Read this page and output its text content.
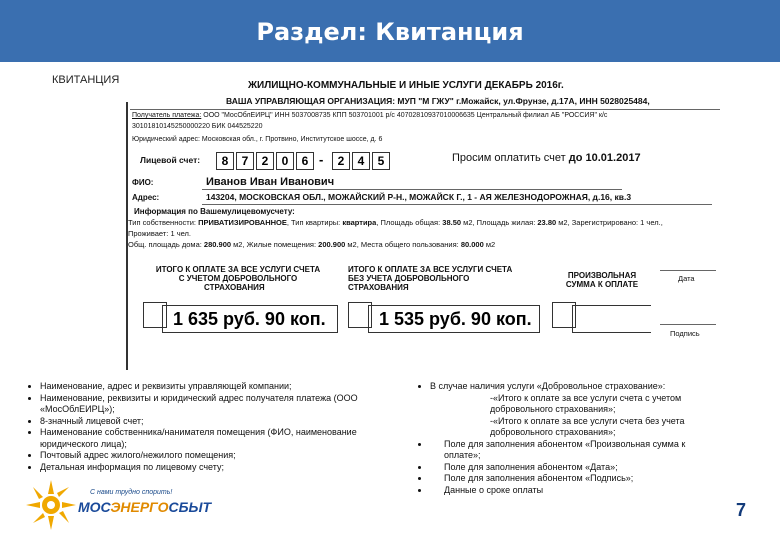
Раздел: Квитанция
КВИТАНЦИЯ	ЖИЛИЩНО-КОММУНАЛЬНЫЕ И ИНЫЕ УСЛУГИ ДЕКАБРЬ 2016г.
ВАША УПРАВЛЯЮЩАЯ ОРГАНИЗАЦИЯ: МУП "М ГЖУ" г.Можайск, ул.Фрунзе, д.17А, ИНН 5028025484,
Получатель платежа: ООО "МосОблЕИРЦ" ИНН 5037008735 КПП 503701001 р/с 40702810937010006635 Центральный филиал АБ "РОССИЯ" к/с
30101810145250000220 БИК 044525220
Юридический адрес: Московская обл., г. Протвино, Институтское шоссе, д. 6
Лицевой счет:	8	7	2	0	6 -	2	4	5	Просим оплатить счет до 10.01.2017
ФИО:	Иванов Иван Иванович
Адрес:	143204, МОСКОВСКАЯ ОБЛ., МОЖАЙСКИЙ Р-Н., МОЖАЙСК Г., 1 - АЯ ЖЕЛЕЗНОДОРОЖНАЯ, д.16, кв.3
Информация по Вашемулицевомусчету:
Тип собственности: ПРИВАТИЗИРОВАННОЕ, Тип квартиры: квартира, Площадь общая: 38.50 м2, Площадь жилая: 23.80 м2, Зарегистрировано: 1 чел.,
Проживает: 1 чел.
Общ. площадь дома: 280.900 м2, Жилые помещения: 200.900 м2, Места общего пользования: 80.000 м2
ИТОГО К ОПЛАТЕ ЗА ВСЕ УСЛУГИ СЧЕТА
С УЧЕТОМ ДОБРОВОЛЬНОГО
СТРАХОВАНИЯ
ИТОГО К ОПЛАТЕ ЗА ВСЕ УСЛУГИ СЧЕТА
БЕЗ УЧЕТА ДОБРОВОЛЬНОГО
СТРАХОВАНИЯ
ПРОИЗВОЛЬНАЯ
СУММА К ОПЛАТЕ
Дата
1 635 руб. 90 коп.	1 535 руб. 90 коп.
Подпись
• Наименование, адрес и реквизиты управляющей компании;
• Наименование, реквизиты и юридический адрес получателя платежа (ООО «МосОблЕИРЦ»);
• 8-значный лицевой счет;
• Наименование собственника/нанимателя помещения (ФИО, наименование юридического лица);
• Почтовый адрес жилого/нежилого помещения;
• Детальная информация по лицевому счету;
• В случае наличия услуги «Добровольное страхование»:
-«Итого к оплате за все услуги счета с учетом добровольного страхования»;
-«Итого к оплате за все услуги счета без учета добровольного страхования»;
• Поле для заполнения абонентом «Произвольная сумма к оплате»;
• Поле для заполнения абонентом «Дата»;
• Поле для заполнения абонентом «Подпись»;
• Данные о сроке оплаты
С нами трудно спорить!
МОСЭНЕРГОСБЫТ	7
